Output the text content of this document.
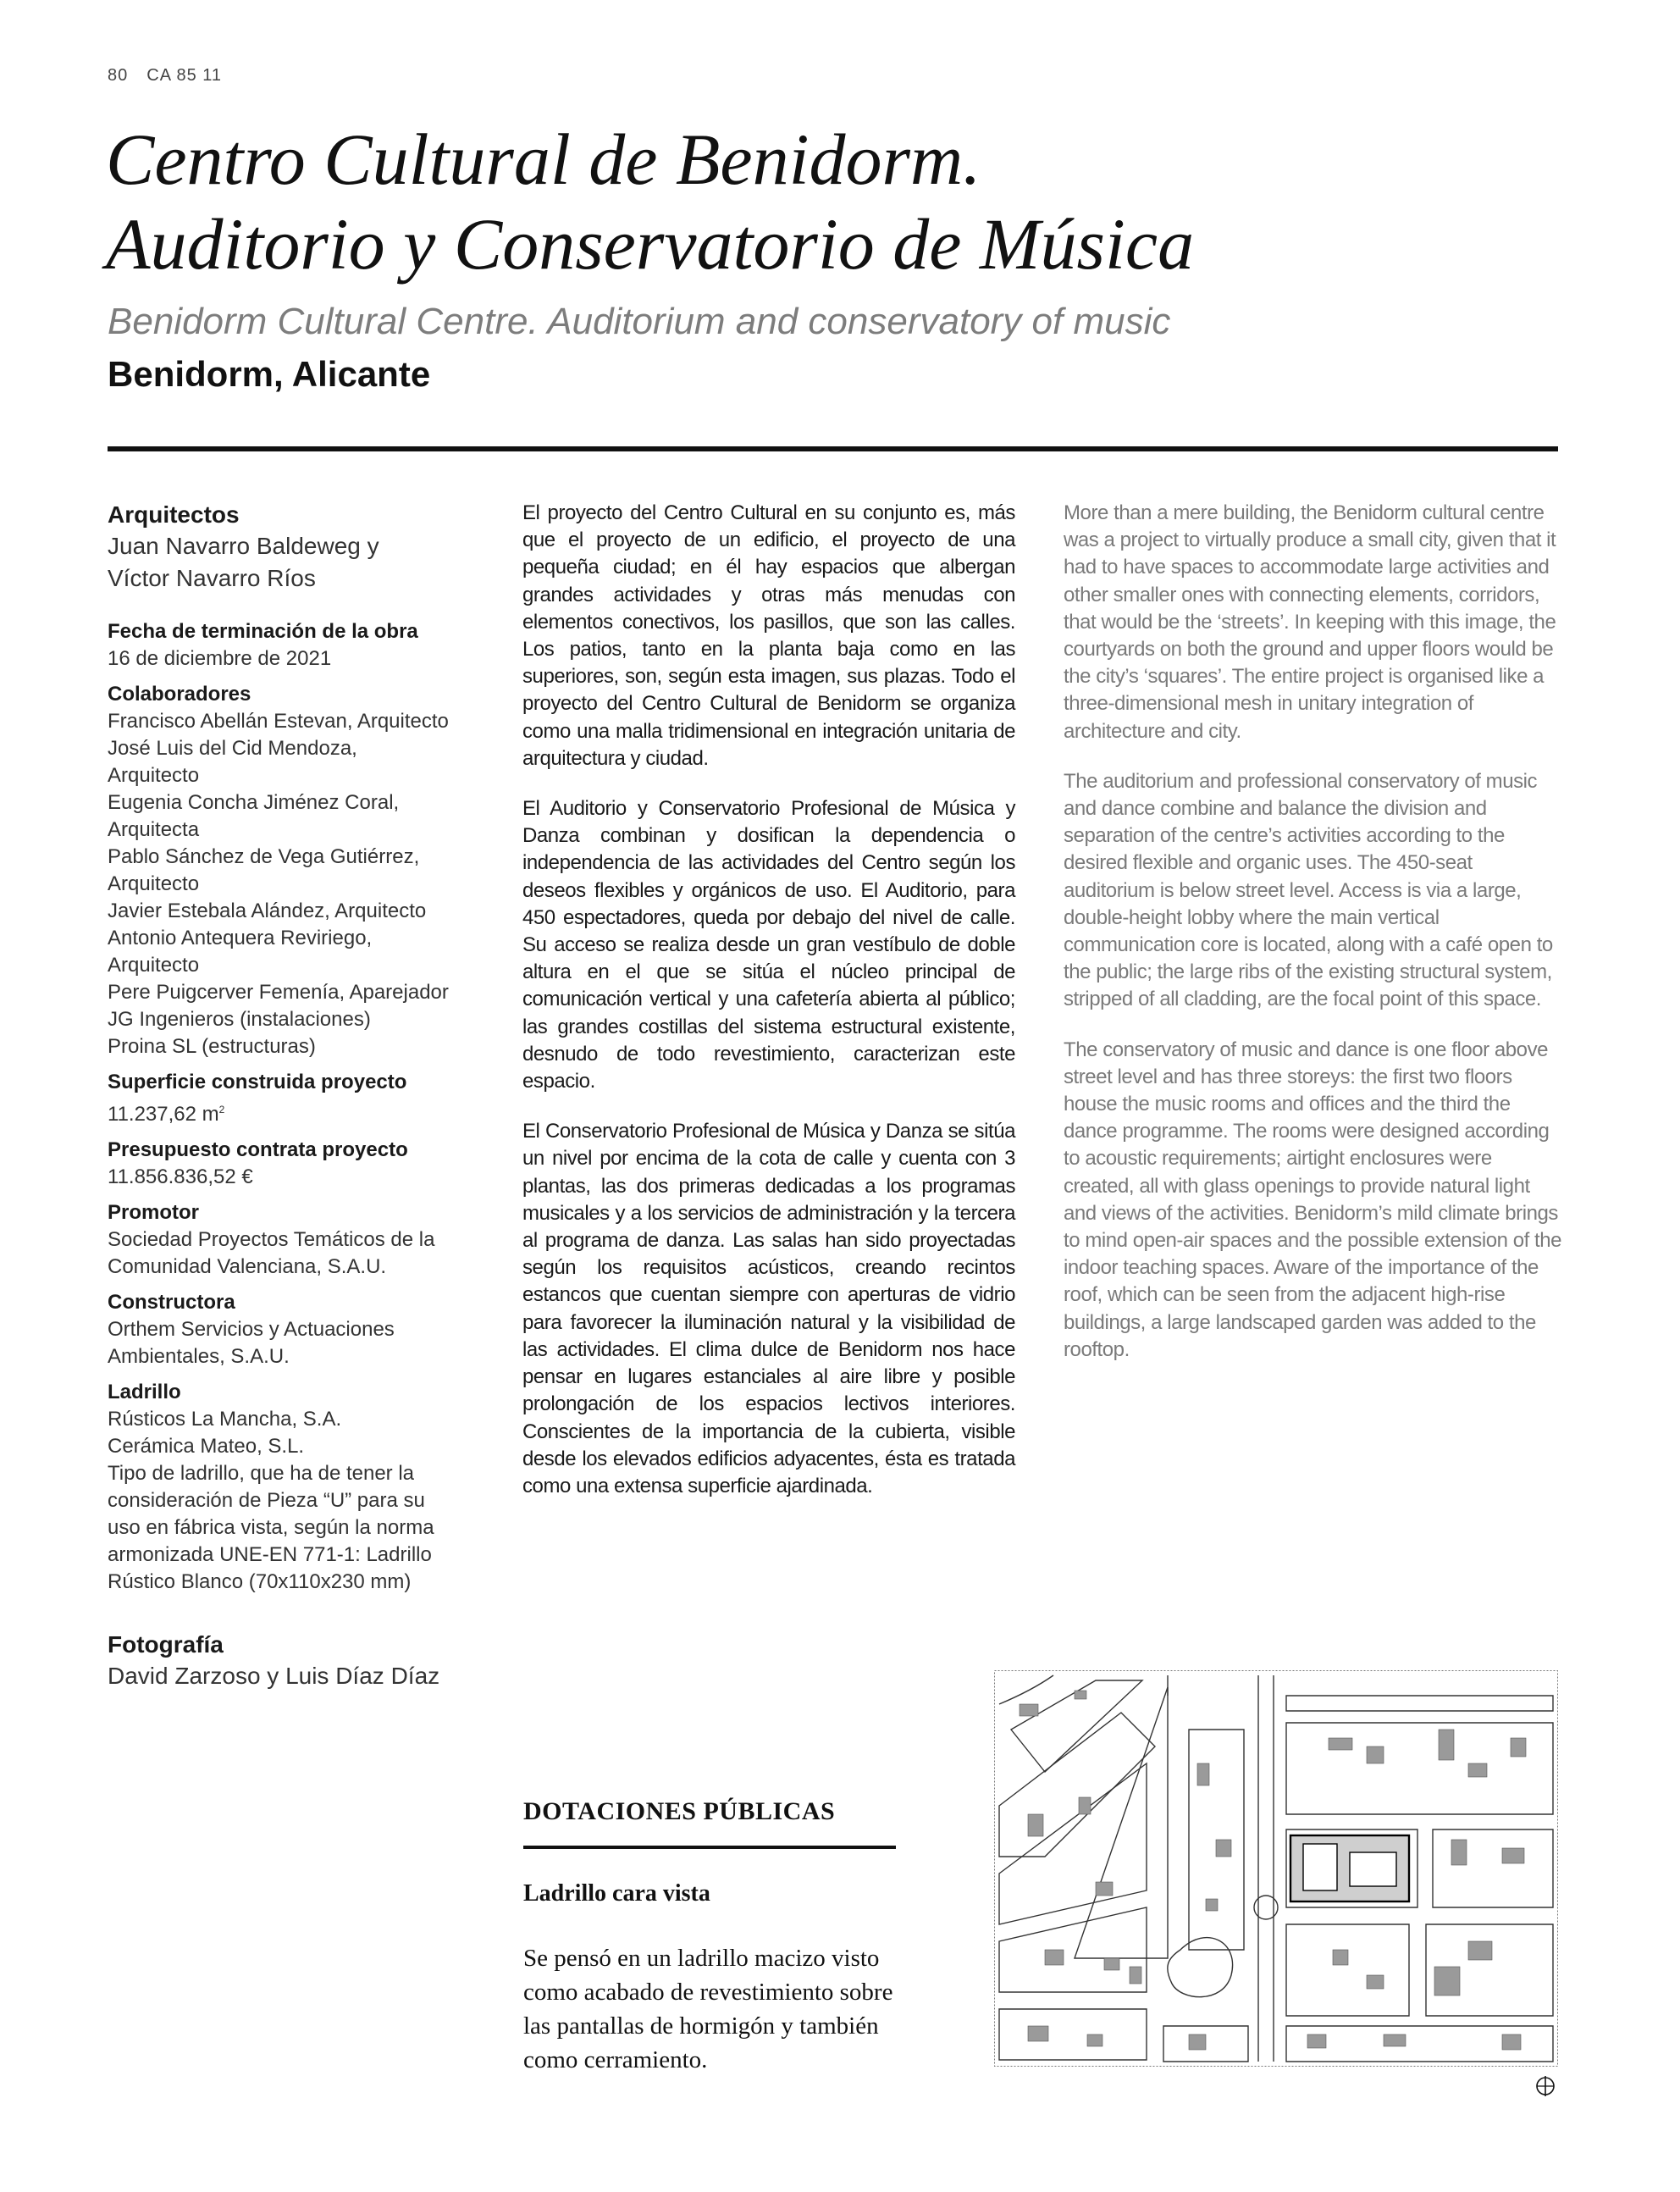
80 CA 85 11
Centro Cultural de Benidorm.
Auditorio y Conservatorio de Música
Benidorm Cultural Centre. Auditorium and conservatory of music
Benidorm, Alicante

Arquitectos

Juan Navarro Baldeweg y

Víctor Navarro Ríos

Fecha de terminación de la obra

16 de diciembre de 2021

Colaboradores

Francisco Abellán Estevan, Arquitecto

José Luis del Cid Mendoza,

Arquitecto

Eugenia Concha Jiménez Coral,

Arquitecta

Pablo Sánchez de Vega Gutiérrez,

Arquitecto

Javier Estebala Alández, Arquitecto

Antonio Antequera Reviriego,

Arquitecto

Pere Puigcerver Femenía, Aparejador

JG Ingenieros (instalaciones)

Proina SL (estructuras)

Superficie construida proyecto

11.237,62 $m^2$

Presupuesto contrata proyecto

11.856.836,52 €

Promotor

Sociedad Proyectos Temáticos de la

Comunidad Valenciana, S.A.U.

Constructora

Orthem Servicios y Actuaciones

Ambientales, S.A.U.

Ladrillo

Rústicos La Mancha, S.A.

Cerámica Mateo, S.L.

Tipo de ladrillo, que ha de tener la

consideración de Pieza “U” para su

uso en fábrica vista, según la norma

armonizada UNE-EN 771-1: Ladrillo

Rústico Blanco (70x110x230 mm)

Fotografía

David Zarzoso y Luis Díaz Díaz

El proyecto del Centro Cultural en su conjunto es, más que el proyecto de un edificio, el proyecto de una pequeña ciudad; en él hay espacios que albergan grandes actividades y otras más menudas con elementos conectivos, los pasillos, que son las calles. Los patios, tanto en la planta baja como en las superiores, son, según esta imagen, sus plazas. Todo el proyecto del Centro Cultural de Benidorm se organiza como una malla tridimensional en integración unitaria de arquitectura y ciudad.

El Auditorio y Conservatorio Profesional de Música y Danza combinan y dosifican la dependencia o independencia de las actividades del Centro según los deseos flexibles y orgánicos de uso. El Auditorio, para 450 espectadores, queda por debajo del nivel de calle. Su acceso se realiza desde un gran vestíbulo de doble altura en el que se sitúa el núcleo principal de comunicación vertical y una cafetería abierta al público; las grandes costillas del sistema estructural existente, desnudo de todo revestimiento, caracterizan este espacio.

El Conservatorio Profesional de Música y Danza se sitúa un nivel por encima de la cota de calle y cuenta con 3 plantas, las dos primeras dedicadas a los programas musicales y a los servicios de administración y la tercera al programa de danza. Las salas han sido proyectadas según los requisitos acústicos, creando recintos estancos que cuentan siempre con aperturas de vidrio para favorecer la iluminación natural y la visibilidad de las actividades. El clima dulce de Benidorm nos hace pensar en lugares estanciales al aire libre y posible prolongación de los espacios lectivos interiores. Conscientes de la importancia de la cubierta, visible desde los elevados edificios adyacentes, ésta es tratada como una extensa superficie ajardinada.

More than a mere building, the Benidorm cultural centre was a project to virtually produce a small city, given that it had to have spaces to accommodate large activities and other smaller ones with connecting elements, corridors, that would be the ‘streets’. In keeping with this image, the courtyards on both the ground and upper floors would be the city’s ‘squares’. The entire project is organised like a three-dimensional mesh in unitary integration of architecture and city.

The auditorium and professional conservatory of music and dance combine and balance the division and separation of the centre’s activities according to the desired flexible and organic uses. The 450-seat auditorium is below street level. Access is via a large, double-height lobby where the main vertical communication core is located, along with a café open to the public; the large ribs of the existing structural system, stripped of all cladding, are the focal point of this space.

The conservatory of music and dance is one floor above street level and has three storeys: the first two floors house the music rooms and offices and the third the dance programme. The rooms were designed according to acoustic requirements; airtight enclosures were created, all with glass openings to provide natural light and views of the activities. Benidorm’s mild climate brings to mind open-air spaces and the possible extension of the indoor teaching spaces. Aware of the importance of the roof, which can be seen from the adjacent high-rise buildings, a large landscaped garden was added to the rooftop.

DOTACIONES PÚBLICAS
Ladrillo cara vista

Se pensó en un ladrillo macizo visto como acabado de revestimiento sobre las pantallas de hormigón y también como cerramiento.
